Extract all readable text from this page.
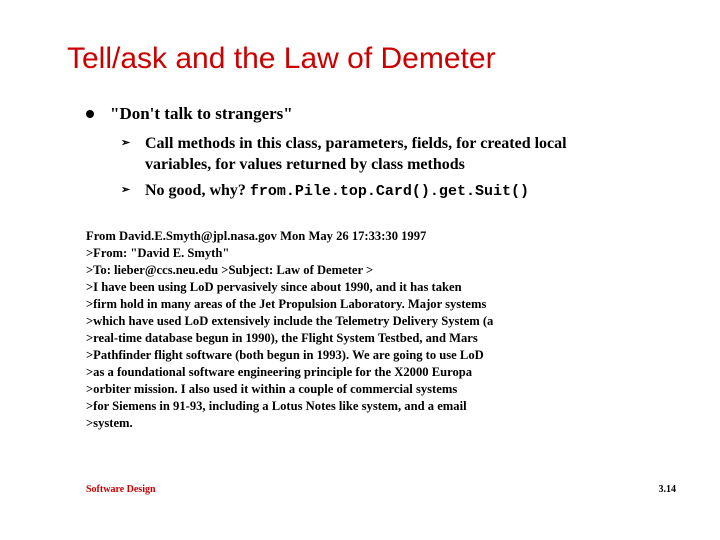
Tell/ask and the Law of Demeter
"Don't talk to strangers"
➢ Call methods in this class, parameters, fields, for created local variables, for values returned by class methods
➢ No good, why? from.Pile.top.Card().get.Suit()
From David.E.Smyth@jpl.nasa.gov Mon May 26 17:33:30 1997
>From: "David E. Smyth"
>To: lieber@ccs.neu.edu >Subject: Law of Demeter >
>I have been using LoD pervasively since about 1990, and it has taken
>firm hold in many areas of the Jet Propulsion Laboratory. Major systems
>which have used LoD extensively include the Telemetry Delivery System (a
>real-time database begun in 1990), the Flight System Testbed, and Mars
>Pathfinder flight software (both begun in 1993). We are going to use LoD
>as a foundational software engineering principle for the X2000 Europa
>orbiter mission. I also used it within a couple of commercial systems
>for Siemens in 91-93, including a Lotus Notes like system, and a email
>system.
Software Design	3.14
